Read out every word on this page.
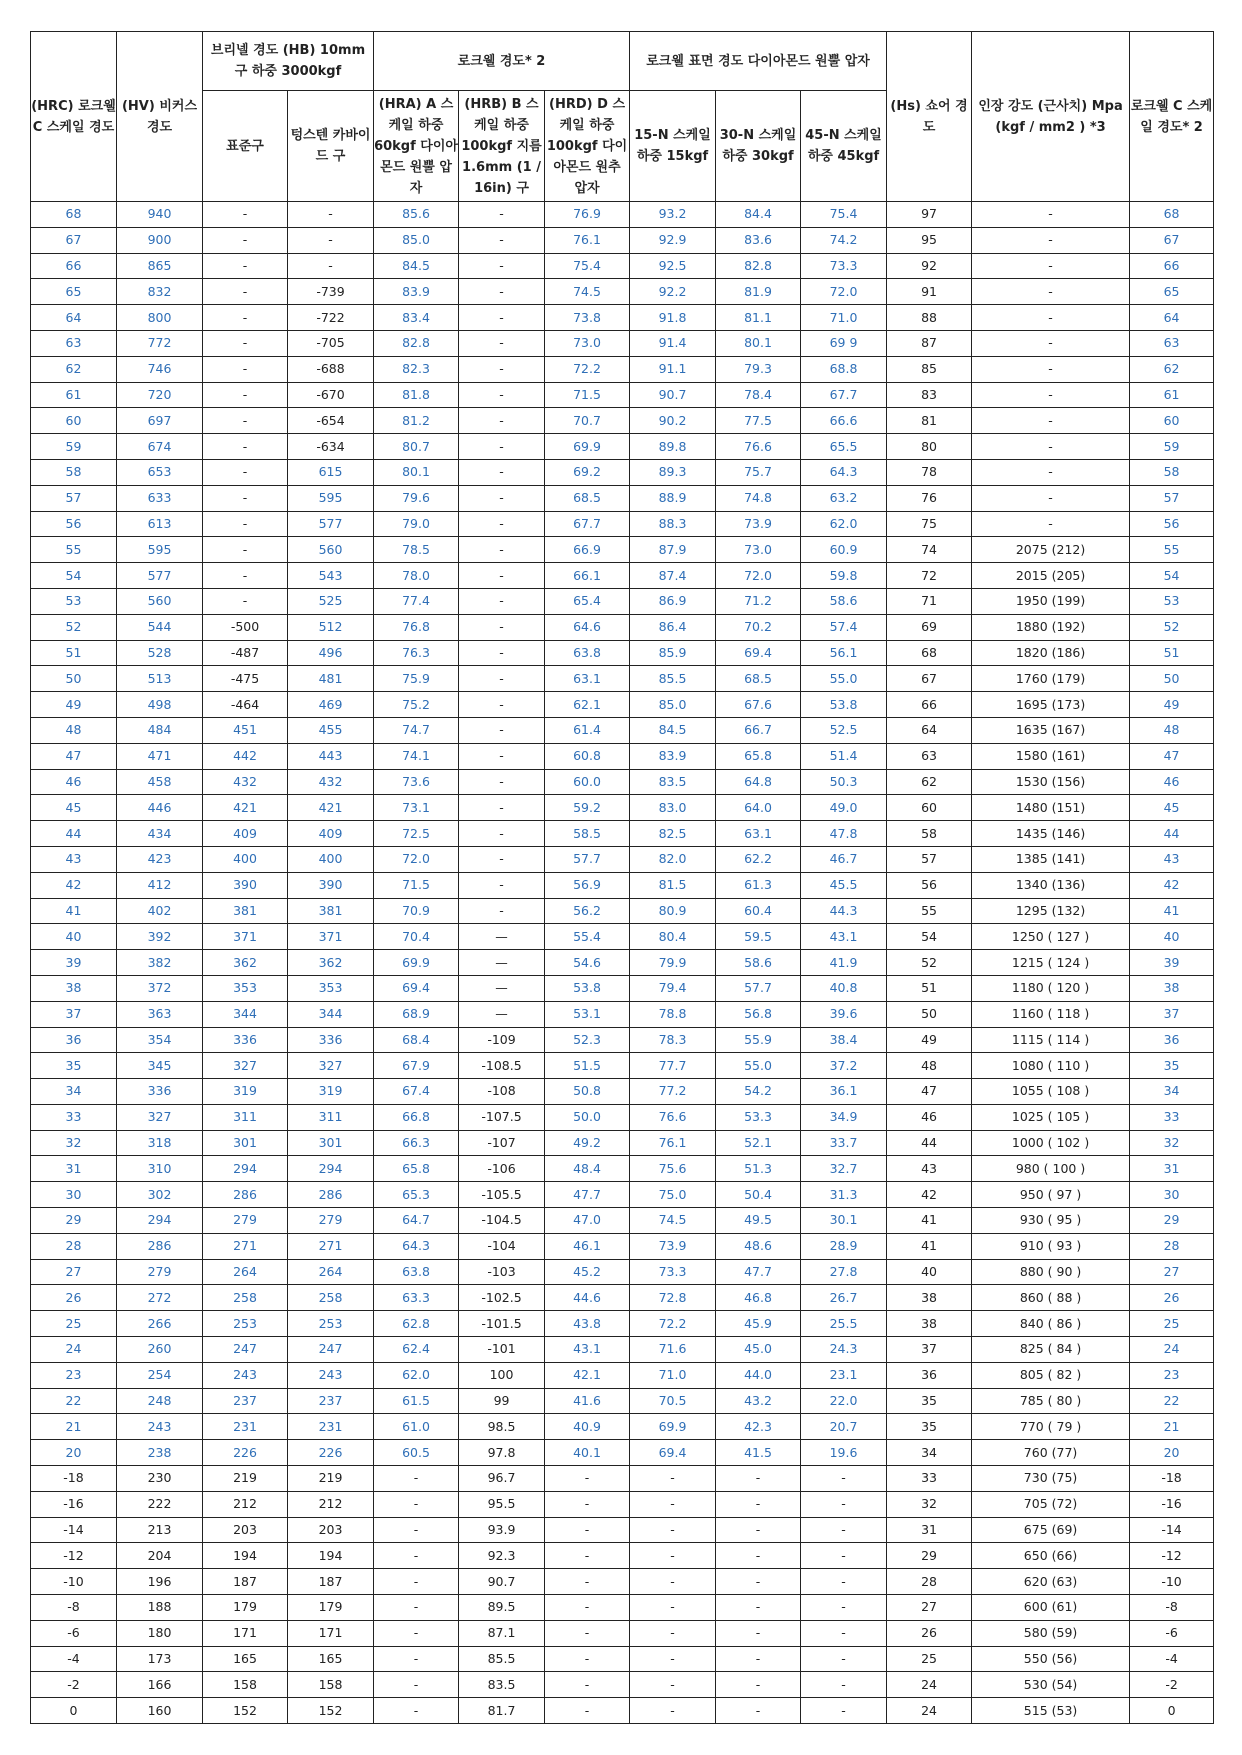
(HRC) 로크웰 C 스케일 경도	(HV) 비커스 경도	브리넬 경도 (HB) 10mm 구 하중 3000kgf		로크웰 경도* 2			로크웰 표면 경도 다이아몬드 원뿔 압자			(Hs) 쇼어 경도	인장 강도 (근사치) Mpa (kgf / mm2 ) *3	로크웰 C 스케일 경도* 2
		표준구	텅스텐 카바이드 구	(HRA) A 스케일 하중 60kgf 다이아몬드 원뿔 압자	(HRB) B 스케일 하중 100kgf 지름 1.6mm (1 / 16in) 구	(HRD) D 스케일 하중 100kgf 다이아몬드 원추 압자	15-N 스케일 하중 15kgf	30-N 스케일 하중 30kgf	45-N 스케일 하중 45kgf			
68	940	-	-	85.6	-	76.9	93.2	84.4	75.4	97	-	68
67	900	-	-	85.0	-	76.1	92.9	83.6	74.2	95	-	67
66	865	-	-	84.5	-	75.4	92.5	82.8	73.3	92	-	66
65	832	-	-739	83.9	-	74.5	92.2	81.9	72.0	91	-	65
64	800	-	-722	83.4	-	73.8	91.8	81.1	71.0	88	-	64
63	772	-	-705	82.8	-	73.0	91.4	80.1	69 9	87	-	63
62	746	-	-688	82.3	-	72.2	91.1	79.3	68.8	85	-	62
61	720	-	-670	81.8	-	71.5	90.7	78.4	67.7	83	-	61
60	697	-	-654	81.2	-	70.7	90.2	77.5	66.6	81	-	60
59	674	-	-634	80.7	-	69.9	89.8	76.6	65.5	80	-	59
58	653	-	615	80.1	-	69.2	89.3	75.7	64.3	78	-	58
57	633	-	595	79.6	-	68.5	88.9	74.8	63.2	76	-	57
56	613	-	577	79.0	-	67.7	88.3	73.9	62.0	75	-	56
55	595	-	560	78.5	-	66.9	87.9	73.0	60.9	74	2075 (212)	55
54	577	-	543	78.0	-	66.1	87.4	72.0	59.8	72	2015 (205)	54
53	560	-	525	77.4	-	65.4	86.9	71.2	58.6	71	1950 (199)	53
52	544	-500	512	76.8	-	64.6	86.4	70.2	57.4	69	1880 (192)	52
51	528	-487	496	76.3	-	63.8	85.9	69.4	56.1	68	1820 (186)	51
50	513	-475	481	75.9	-	63.1	85.5	68.5	55.0	67	1760 (179)	50
49	498	-464	469	75.2	-	62.1	85.0	67.6	53.8	66	1695 (173)	49
48	484	451	455	74.7	-	61.4	84.5	66.7	52.5	64	1635 (167)	48
47	471	442	443	74.1	-	60.8	83.9	65.8	51.4	63	1580 (161)	47
46	458	432	432	73.6	-	60.0	83.5	64.8	50.3	62	1530 (156)	46
45	446	421	421	73.1	-	59.2	83.0	64.0	49.0	60	1480 (151)	45
44	434	409	409	72.5	-	58.5	82.5	63.1	47.8	58	1435 (146)	44
43	423	400	400	72.0	-	57.7	82.0	62.2	46.7	57	1385 (141)	43
42	412	390	390	71.5	-	56.9	81.5	61.3	45.5	56	1340 (136)	42
41	402	381	381	70.9	-	56.2	80.9	60.4	44.3	55	1295 (132)	41
40	392	371	371	70.4	—	55.4	80.4	59.5	43.1	54	1250 ( 127 )	40
39	382	362	362	69.9	—	54.6	79.9	58.6	41.9	52	1215 ( 124 )	39
38	372	353	353	69.4	—	53.8	79.4	57.7	40.8	51	1180 ( 120 )	38
37	363	344	344	68.9	—	53.1	78.8	56.8	39.6	50	1160 ( 118 )	37
36	354	336	336	68.4	-109	52.3	78.3	55.9	38.4	49	1115 ( 114 )	36
35	345	327	327	67.9	-108.5	51.5	77.7	55.0	37.2	48	1080 ( 110 )	35
34	336	319	319	67.4	-108	50.8	77.2	54.2	36.1	47	1055 ( 108 )	34
33	327	311	311	66.8	-107.5	50.0	76.6	53.3	34.9	46	1025 ( 105 )	33
32	318	301	301	66.3	-107	49.2	76.1	52.1	33.7	44	1000 ( 102 )	32
31	310	294	294	65.8	-106	48.4	75.6	51.3	32.7	43	980 ( 100 )	31
30	302	286	286	65.3	-105.5	47.7	75.0	50.4	31.3	42	950 ( 97 )	30
29	294	279	279	64.7	-104.5	47.0	74.5	49.5	30.1	41	930 ( 95 )	29
28	286	271	271	64.3	-104	46.1	73.9	48.6	28.9	41	910 ( 93 )	28
27	279	264	264	63.8	-103	45.2	73.3	47.7	27.8	40	880 ( 90 )	27
26	272	258	258	63.3	-102.5	44.6	72.8	46.8	26.7	38	860 ( 88 )	26
25	266	253	253	62.8	-101.5	43.8	72.2	45.9	25.5	38	840 ( 86 )	25
24	260	247	247	62.4	-101	43.1	71.6	45.0	24.3	37	825 ( 84 )	24
23	254	243	243	62.0	100	42.1	71.0	44.0	23.1	36	805 ( 82 )	23
22	248	237	237	61.5	99	41.6	70.5	43.2	22.0	35	785 ( 80 )	22
21	243	231	231	61.0	98.5	40.9	69.9	42.3	20.7	35	770 ( 79 )	21
20	238	226	226	60.5	97.8	40.1	69.4	41.5	19.6	34	760 (77)	20
-18	230	219	219	-	96.7	-	-	-	-	33	730 (75)	-18
-16	222	212	212	-	95.5	-	-	-	-	32	705 (72)	-16
-14	213	203	203	-	93.9	-	-	-	-	31	675 (69)	-14
-12	204	194	194	-	92.3	-	-	-	-	29	650 (66)	-12
-10	196	187	187	-	90.7	-	-	-	-	28	620 (63)	-10
-8	188	179	179	-	89.5	-	-	-	-	27	600 (61)	-8
-6	180	171	171	-	87.1	-	-	-	-	26	580 (59)	-6
-4	173	165	165	-	85.5	-	-	-	-	25	550 (56)	-4
-2	166	158	158	-	83.5	-	-	-	-	24	530 (54)	-2
0	160	152	152	-	81.7	-	-	-	-	24	515 (53)	0
